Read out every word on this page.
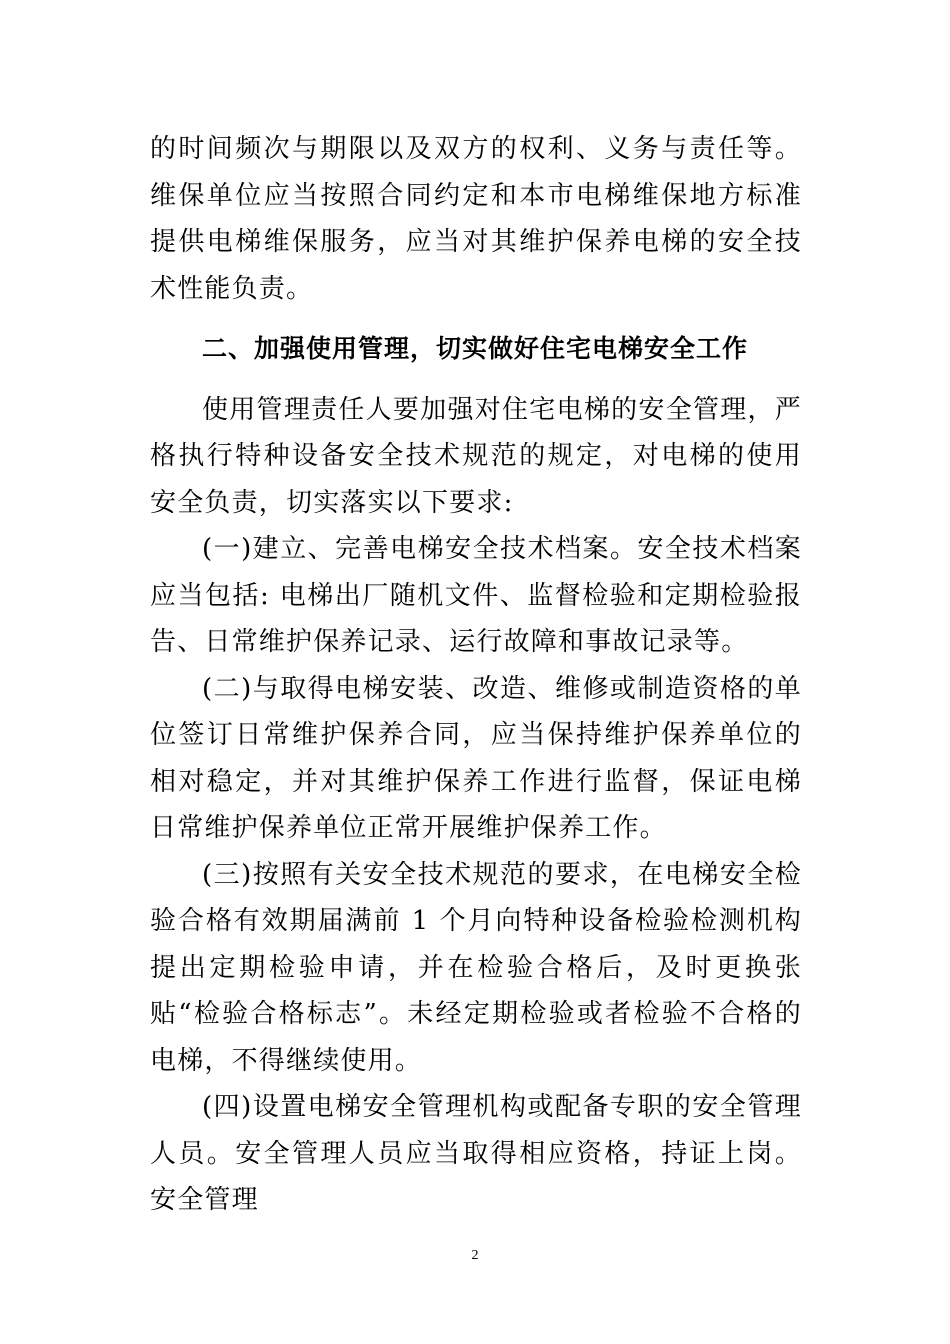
的时间频次与期限以及双方的权利、义务与责任等。维保单位应当按照合同约定和本市电梯维保地方标准提供电梯维保服务，应当对其维护保养电梯的安全技术性能负责。

二、加强使用管理，切实做好住宅电梯安全工作

使用管理责任人要加强对住宅电梯的安全管理，严格执行特种设备安全技术规范的规定，对电梯的使用安全负责，切实落实以下要求:

(一)建立、完善电梯安全技术档案。安全技术档案应当包括: 电梯出厂随机文件、监督检验和定期检验报告、日常维护保养记录、运行故障和事故记录等。

(二)与取得电梯安装、改造、维修或制造资格的单位签订日常维护保养合同，应当保持维护保养单位的相对稳定，并对其维护保养工作进行监督，保证电梯日常维护保养单位正常开展维护保养工作。

(三)按照有关安全技术规范的要求，在电梯安全检验合格有效期届满前 1 个月向特种设备检验检测机构提出定期检验申请，并在检验合格后，及时更换张贴“检验合格标志”。未经定期检验或者检验不合格的电梯，不得继续使用。

(四)设置电梯安全管理机构或配备专职的安全管理人员。安全管理人员应当取得相应资格，持证上岗。安全管理

2
